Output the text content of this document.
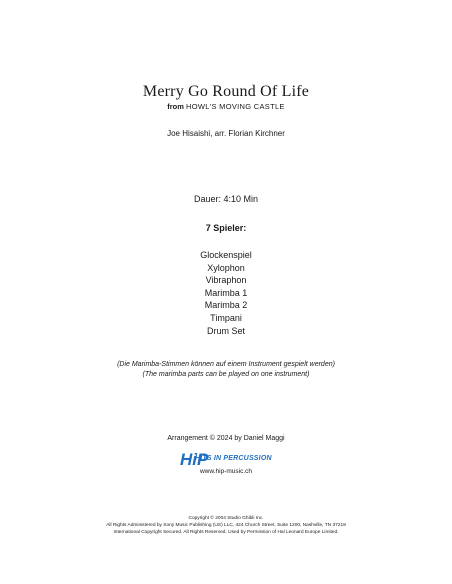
Merry Go Round Of Life
from HOWL'S MOVING CASTLE
Joe Hisaishi, arr. Florian Kirchner
Dauer: 4:10 Min
7 Spieler:
Glockenspiel
Xylophon
Vibraphon
Marimba 1
Marimba 2
Timpani
Drum Set
(Die Marimba-Stimmen können auf einem Instrument gespielt werden)
(The marimba parts can be played on one instrument)
Arrangement © 2024 by Daniel Maggi
HiP
HITS IN PERCUSSION
www.hip-music.ch
Copyright © 2004 Studio Ghibli Inc.
All Rights Administered by Sony Music Publishing (US) LLC, 424 Church Street, Suite 1200, Nashville, TN 37219
International Copyright Secured. All Rights Reserved. Used by Permission of Hal Leonard Europe Limited.
